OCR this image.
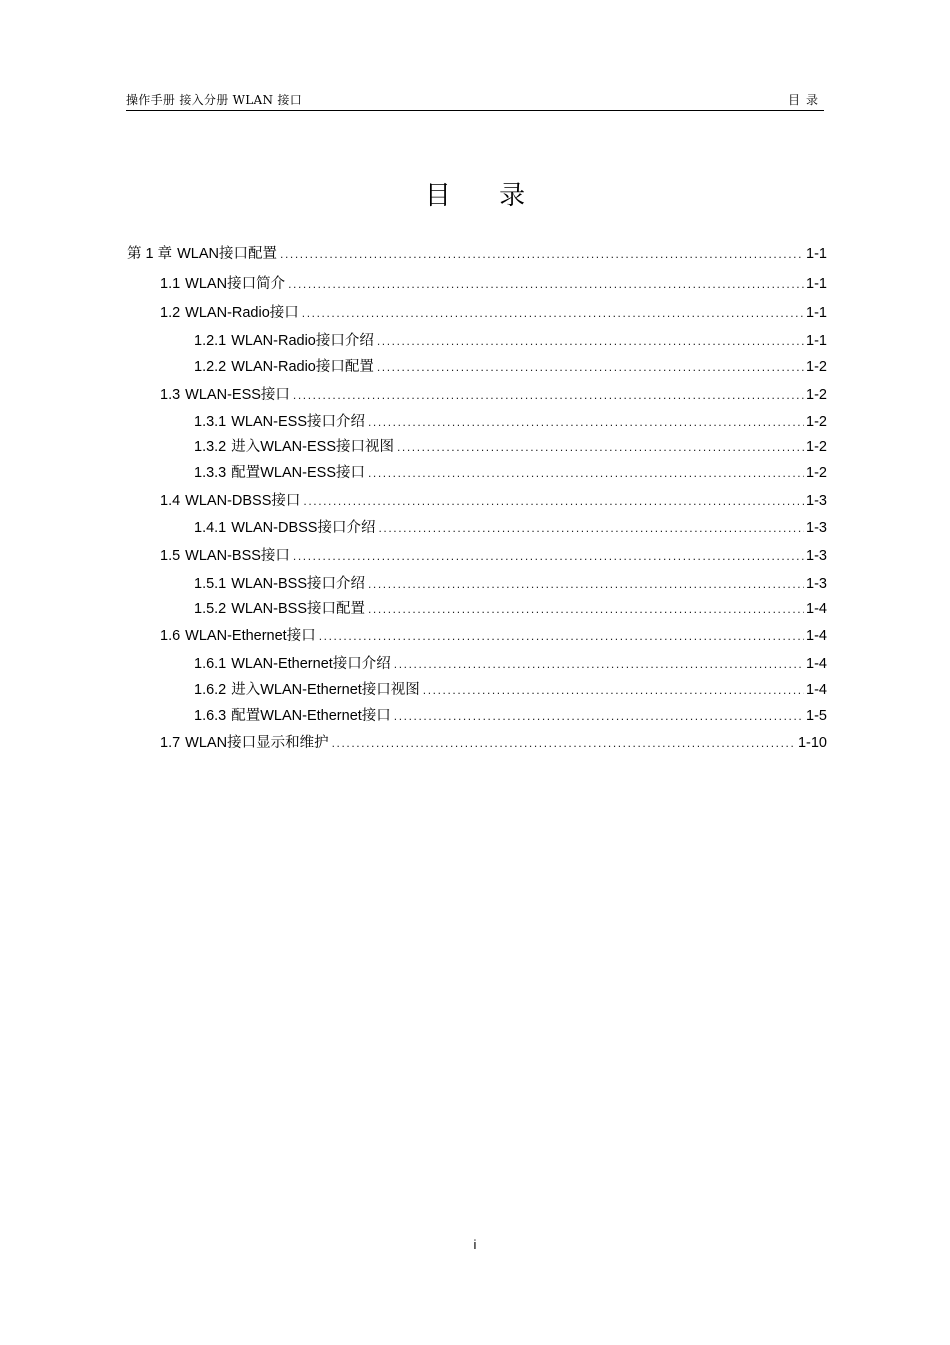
操作手册 接入分册 WLAN 接口	目录
目 录
第 1 章 WLAN接口配置 .....	1-1
1.1 WLAN接口简介 .....	1-1
1.2 WLAN-Radio接口 .....	1-1
1.2.1 WLAN-Radio接口介绍 .....	1-1
1.2.2 WLAN-Radio接口配置 .....	1-2
1.3 WLAN-ESS接口 .....	1-2
1.3.1 WLAN-ESS接口介绍 .....	1-2
1.3.2 进入WLAN-ESS接口视图 .....	1-2
1.3.3 配置WLAN-ESS接口 .....	1-2
1.4 WLAN-DBSS接口 .....	1-3
1.4.1 WLAN-DBSS接口介绍 .....	1-3
1.5 WLAN-BSS接口 .....	1-3
1.5.1 WLAN-BSS接口介绍 .....	1-3
1.5.2 WLAN-BSS接口配置 .....	1-4
1.6 WLAN-Ethernet接口 .....	1-4
1.6.1 WLAN-Ethernet接口介绍 .....	1-4
1.6.2 进入WLAN-Ethernet接口视图 .....	1-4
1.6.3 配置WLAN-Ethernet接口 .....	1-5
1.7 WLAN接口显示和维护 .....	1-10
i
